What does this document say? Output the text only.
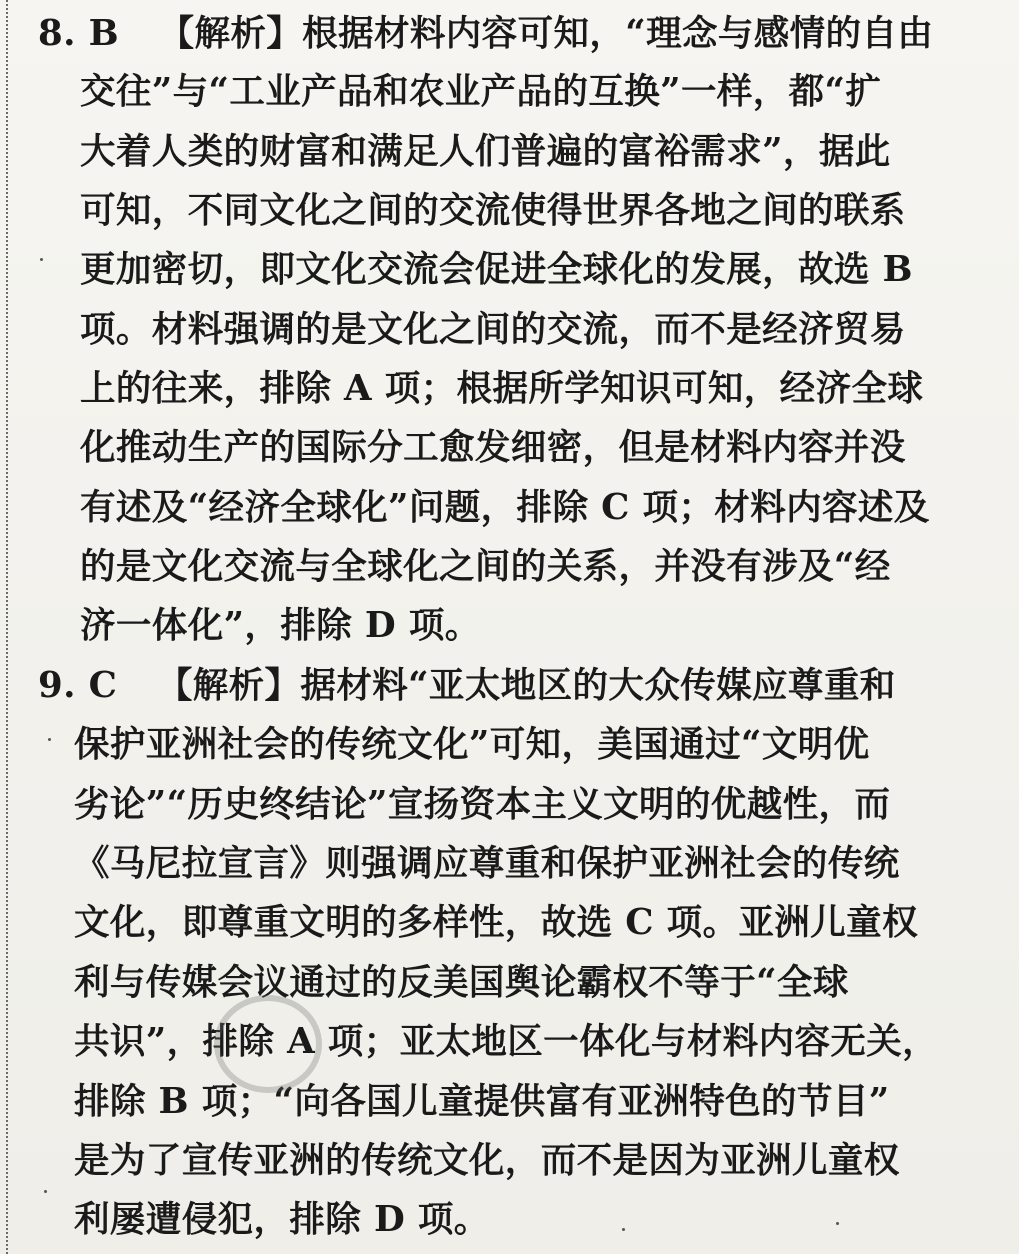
8. B 【解析】根据材料内容可知，“理念与感情的自由
交往”与“工业产品和农业产品的互换”一样，都“扩
大着人类的财富和满足人们普遍的富裕需求”，据此
可知，不同文化之间的交流使得世界各地之间的联系
更加密切，即文化交流会促进全球化的发展，故选 B
项。材料强调的是文化之间的交流，而不是经济贸易
上的往来，排除 A 项；根据所学知识可知，经济全球
化推动生产的国际分工愈发细密，但是材料内容并没
有述及“经济全球化”问题，排除 C 项；材料内容述及
的是文化交流与全球化之间的关系，并没有涉及“经
济一体化”，排除 D 项。
9. C 【解析】据材料“亚太地区的大众传媒应尊重和
保护亚洲社会的传统文化”可知，美国通过“文明优
劣论”“历史终结论”宣扬资本主义文明的优越性，而
《马尼拉宣言》则强调应尊重和保护亚洲社会的传统
文化，即尊重文明的多样性，故选 C 项。亚洲儿童权
利与传媒会议通过的反美国舆论霸权不等于“全球
共识”，排除 A 项；亚太地区一体化与材料内容无关，
排除 B 项；“向各国儿童提供富有亚洲特色的节目”
是为了宣传亚洲的传统文化，而不是因为亚洲儿童权
利屡遭侵犯，排除 D 项。
